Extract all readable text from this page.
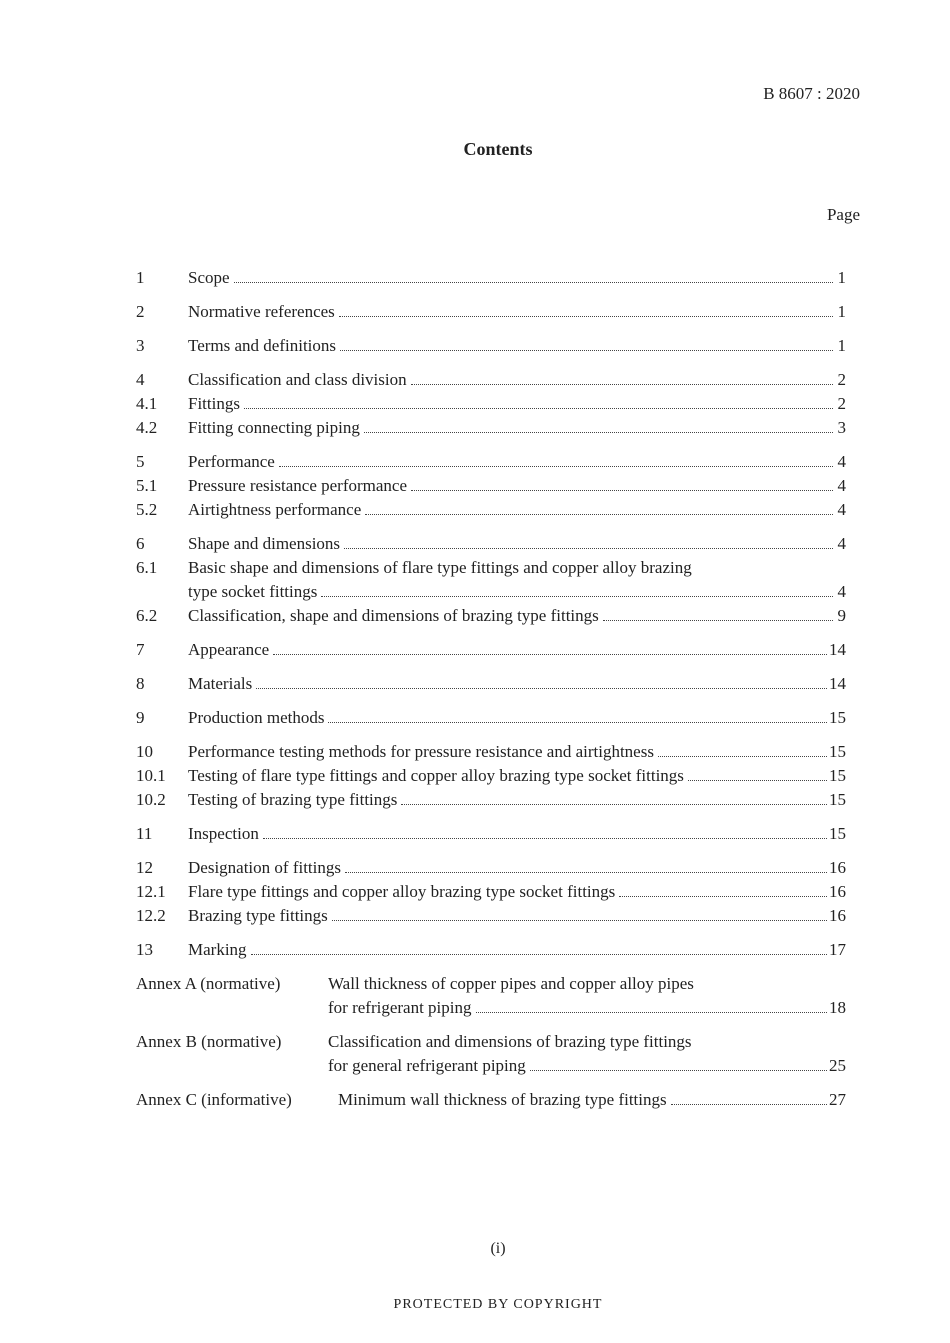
B 8607 : 2020
Contents
Page
1	Scope	1
2	Normative references	1
3	Terms and definitions	1
4	Classification and class division	2
4.1 Fittings	2
4.2 Fitting connecting piping	3
5	Performance	4
5.1 Pressure resistance performance	4
5.2 Airtightness performance	4
6	Shape and dimensions	4
6.1 Basic shape and dimensions of flare type fittings and copper alloy brazing
type socket fittings	4
6.2 Classification, shape and dimensions of brazing type fittings	9
7	Appearance	14
8	Materials	14
9	Production methods	15
10 Performance testing methods for pressure resistance and airtightness	15
10.1 Testing of flare type fittings and copper alloy brazing type socket fittings	15
10.2 Testing of brazing type fittings	15
11 Inspection	15
12 Designation of fittings	16
12.1 Flare type fittings and copper alloy brazing type socket fittings	16
12.2 Brazing type fittings	16
13 Marking	17
Annex A (normative)	Wall thickness of copper pipes and copper alloy pipes
for refrigerant piping	18
Annex B (normative)	Classification and dimensions of brazing type fittings
for general refrigerant piping	25
Annex C (informative)	Minimum wall thickness of brazing type fittings	27
(i)
PROTECTED BY COPYRIGHT
